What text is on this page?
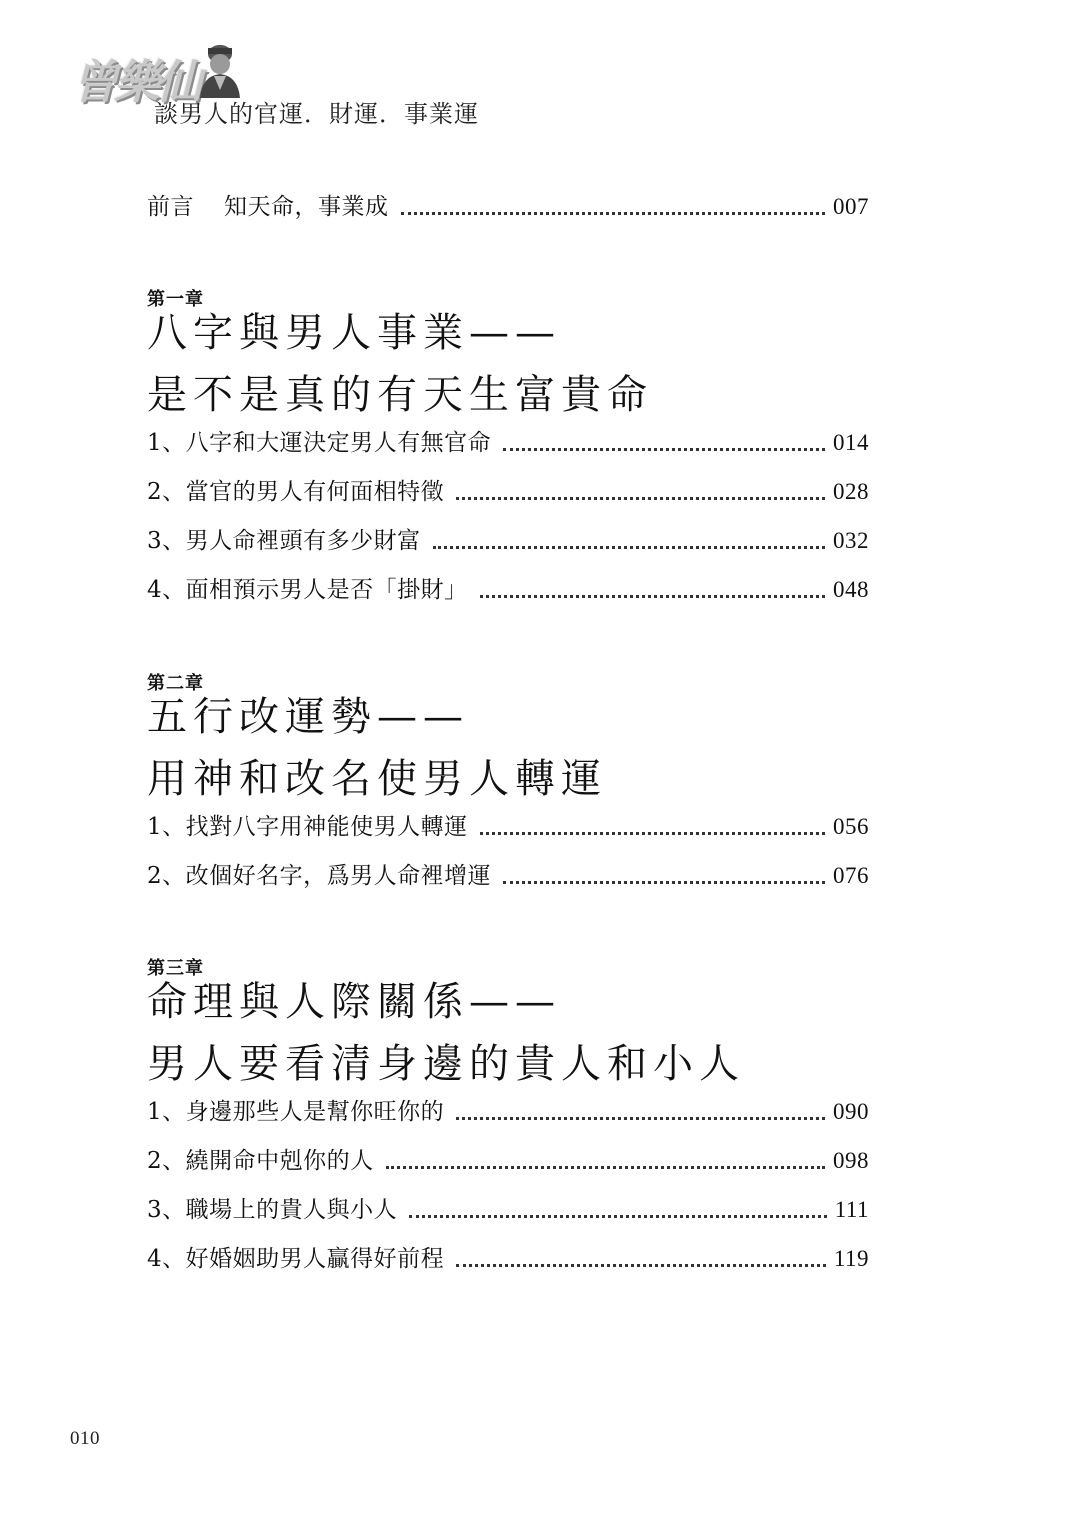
曾樂仙
談男人的官運．財運．事業運
前言 知天命，事業成	007
第一章
八字與男人事業——
是不是真的有天生富貴命
1、八字和大運決定男人有無官命	014
2、當官的男人有何面相特徵	028
3、男人命裡頭有多少財富	032
4、面相預示男人是否「掛財」	048
第二章
五行改運勢——
用神和改名使男人轉運
1、找對八字用神能使男人轉運	056
2、改個好名字，爲男人命裡增運	076
第三章
命理與人際關係——
男人要看清身邊的貴人和小人
1、身邊那些人是幫你旺你的	090
2、繞開命中剋你的人	098
3、職場上的貴人與小人	111
4、好婚姻助男人贏得好前程	119
010
